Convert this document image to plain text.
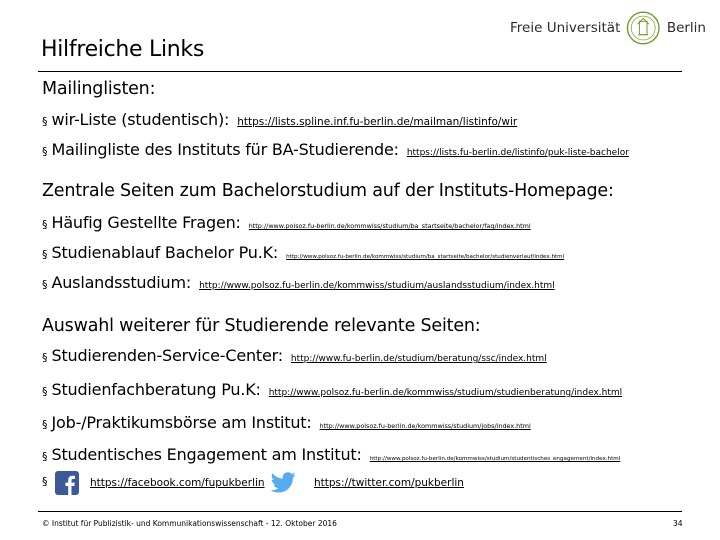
Hilfreiche Links
Freie Universität	Berlin
Mailinglisten:
§ wir-Liste (studentisch): https://lists.spline.inf.fu-berlin.de/mailman/listinfo/wir
§ Mailingliste des Instituts für BA-Studierende: https://lists.fu-berlin.de/listinfo/puk-liste-bachelor
Zentrale Seiten zum Bachelorstudium auf der Instituts-Homepage:
§ Häufig Gestellte Fragen: http://www.polsoz.fu-berlin.de/kommwiss/studium/ba_startseite/bachelor/faq/index.html
§ Studienablauf Bachelor Pu.K: http://www.polsoz.fu-berlin.de/kommwiss/studium/ba_startseite/bachelor/studienverlauf/index.html
§ Auslandsstudium: http://www.polsoz.fu-berlin.de/kommwiss/studium/auslandsstudium/index.html
Auswahl weiterer für Studierende relevante Seiten:
§ Studierenden-Service-Center: http://www.fu-berlin.de/studium/beratung/ssc/index.html
§ Studienfachberatung Pu.K: http://www.polsoz.fu-berlin.de/kommwiss/studium/studienberatung/index.html
§ Job-/Praktikumsbörse am Institut: http://www.polsoz.fu-berlin.de/kommwiss/studium/jobs/index.html
§ Studentisches Engagement am Institut: http://www.polsoz.fu-berlin.de/kommwiss/studium/studentisches_engagement/index.html
§	https://facebook.com/fupukberlin	https://twitter.com/pukberlin
© Institut für Publizistik- und Kommunikationswissenschaft - 12. Oktober 2016	34
